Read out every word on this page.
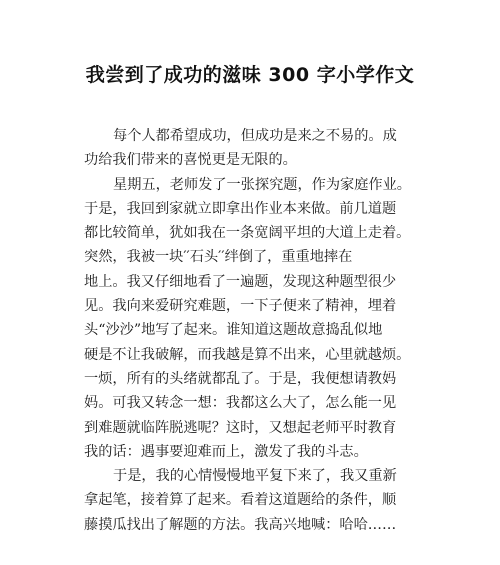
我尝到了成功的滋味 300 字小学作文
每个人都希望成功，但成功是来之不易的。成
功给我们带来的喜悦更是无限的。
星期五，老师发了一张探究题，作为家庭作业。
于是，我回到家就立即拿出作业本来做。前几道题
都比较简单，犹如我在一条宽阔平坦的大道上走着。
突然，我被一块′′石头′′绊倒了，重重地摔在
地上。我又仔细地看了一遍题，发现这种题型很少
见。我向来爱研究难题，一下子便来了精神，埋着
头“沙沙”地写了起来。谁知道这题故意捣乱似地
硬是不让我破解，而我越是算不出来，心里就越烦。
一烦，所有的头绪就都乱了。于是，我便想请教妈
妈。可我又转念一想：我都这么大了，怎么能一见
到难题就临阵脱逃呢？这时，又想起老师平时教育
我的话：遇事要迎难而上，激发了我的斗志。
于是，我的心情慢慢地平复下来了，我又重新
拿起笔，接着算了起来。看着这道题给的条件，顺
藤摸瓜找出了解题的方法。我高兴地喊：哈哈……
